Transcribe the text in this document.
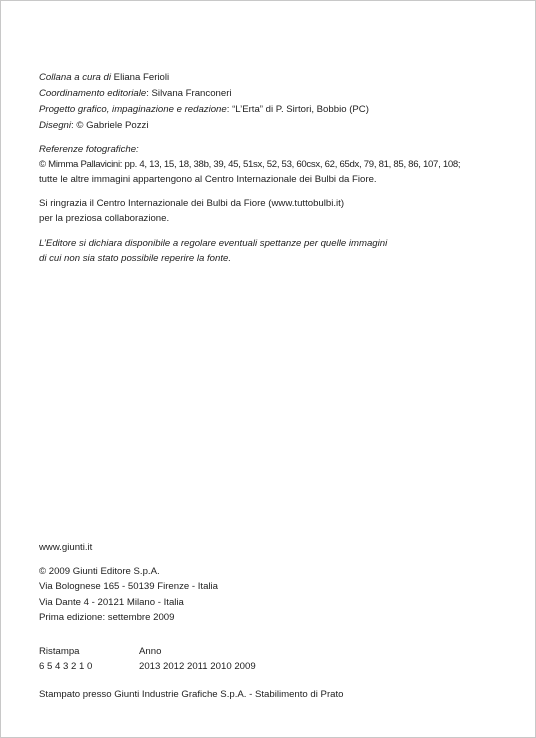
Collana a cura di Eliana Ferioli
Coordinamento editoriale: Silvana Franconeri
Progetto grafico, impaginazione e redazione: “L’Erta” di P. Sirtori, Bobbio (PC)
Disegni: © Gabriele Pozzi
Referenze fotografiche:
© Mimma Pallavicini: pp. 4, 13, 15, 18, 38b, 39, 45, 51sx, 52, 53, 60csx, 62, 65dx, 79, 81, 85, 86, 107, 108;
tutte le altre immagini appartengono al Centro Internazionale dei Bulbi da Fiore.
Si ringrazia il Centro Internazionale dei Bulbi da Fiore (www.tuttobulbi.it)
per la preziosa collaborazione.
L’Editore si dichiara disponibile a regolare eventuali spettanze per quelle immagini
di cui non sia stato possibile reperire la fonte.
www.giunti.it
© 2009 Giunti Editore S.p.A.
Via Bolognese 165 - 50139 Firenze - Italia
Via Dante 4 - 20121 Milano - Italia
Prima edizione: settembre 2009
Ristampa	Anno
6 5 4 3 2 1 0	2013 2012 2011 2010 2009
Stampato presso Giunti Industrie Grafiche S.p.A. - Stabilimento di Prato
